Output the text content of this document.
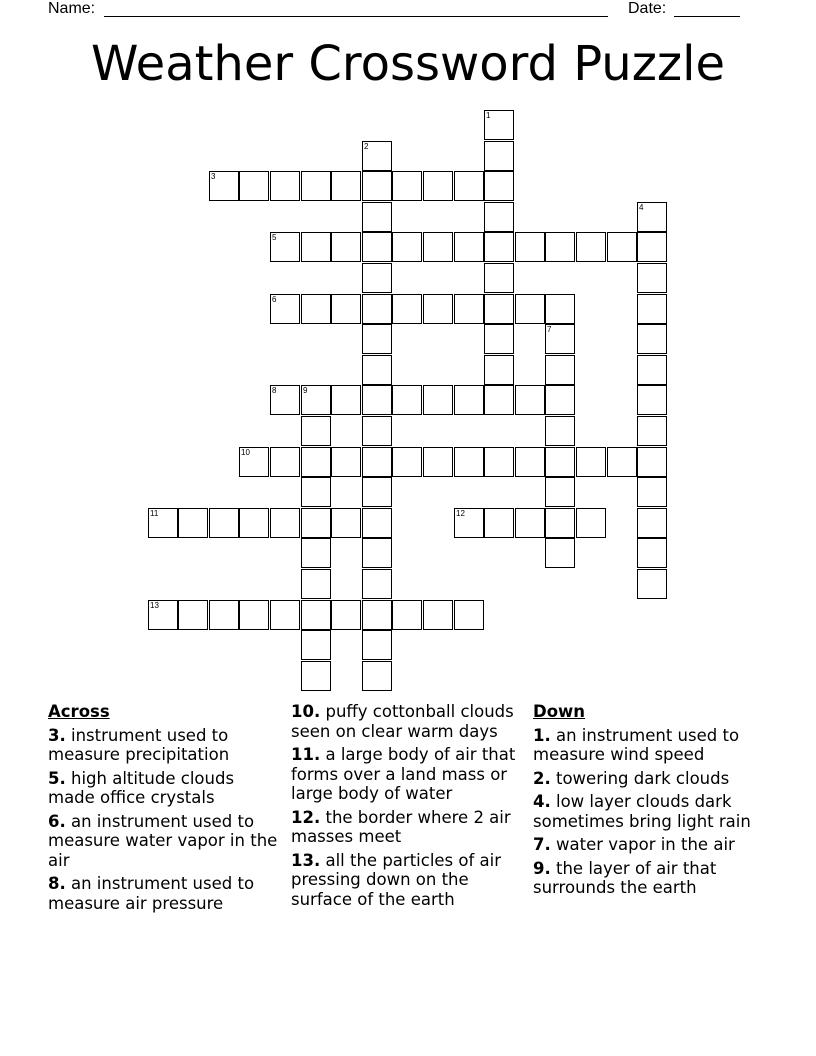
Name:	Date:
Weather Crossword Puzzle
1
2
3
4
5
6
7
8	9
10
11	12
13
Across
3. instrument used to measure precipitation
5. high altitude clouds made office crystals
6. an instrument used to measure water vapor in the air
8. an instrument used to measure air pressure
10. puffy cottonball clouds seen on clear warm days
11. a large body of air that forms over a land mass or large body of water
12. the border where 2 air masses meet
13. all the particles of air pressing down on the surface of the earth
Down
1. an instrument used to measure wind speed
2. towering dark clouds
4. low layer clouds dark sometimes bring light rain
7. water vapor in the air
9. the layer of air that surrounds the earth
